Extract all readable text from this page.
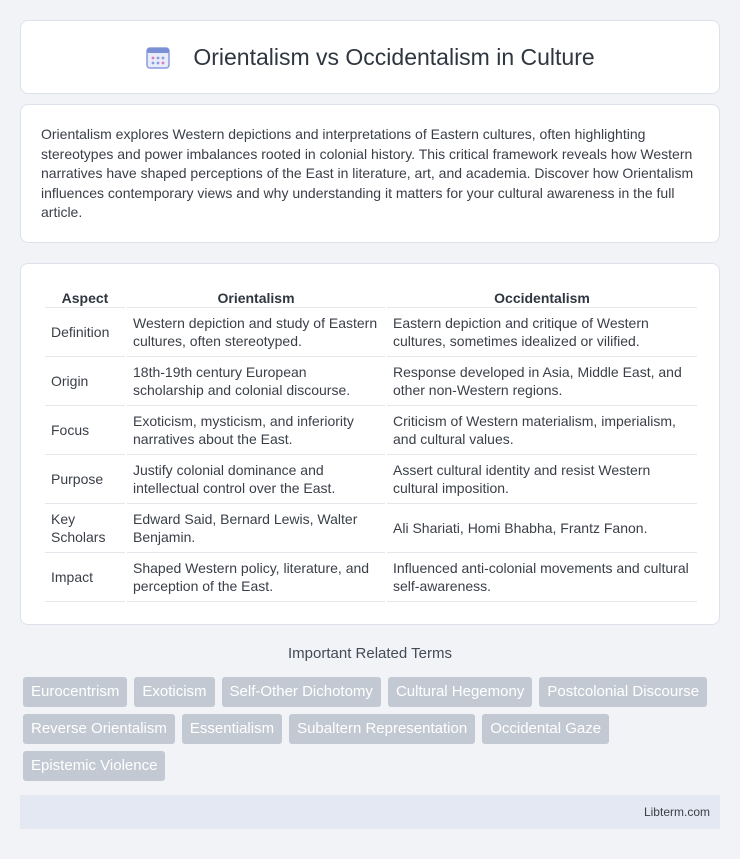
Orientalism vs Occidentalism in Culture

Orientalism explores Western depictions and interpretations of Eastern cultures, often highlighting stereotypes and power imbalances rooted in colonial history. This critical framework reveals how Western narratives have shaped perceptions of the East in literature, art, and academia. Discover how Orientalism influences contemporary views and why understanding it matters for your cultural awareness in the full article.

Aspect	Orientalism	Occidentalism
Definition	Western depiction and study of Eastern cultures, often stereotyped.	Eastern depiction and critique of Western cultures, sometimes idealized or vilified.
Origin	18th-19th century European scholarship and colonial discourse.	Response developed in Asia, Middle East, and other non-Western regions.
Focus	Exoticism, mysticism, and inferiority narratives about the East.	Criticism of Western materialism, imperialism, and cultural values.
Purpose	Justify colonial dominance and intellectual control over the East.	Assert cultural identity and resist Western cultural imposition.
Key Scholars	Edward Said, Bernard Lewis, Walter Benjamin.	Ali Shariati, Homi Bhabha, Frantz Fanon.
Impact	Shaped Western policy, literature, and perception of the East.	Influenced anti-colonial movements and cultural self-awareness.
Important Related Terms
Eurocentrism	Exoticism	Self-Other Dichotomy	Cultural Hegemony	Postcolonial Discourse
Reverse Orientalism	Essentialism	Subaltern Representation	Occidental Gaze
Epistemic Violence
Libterm.com
